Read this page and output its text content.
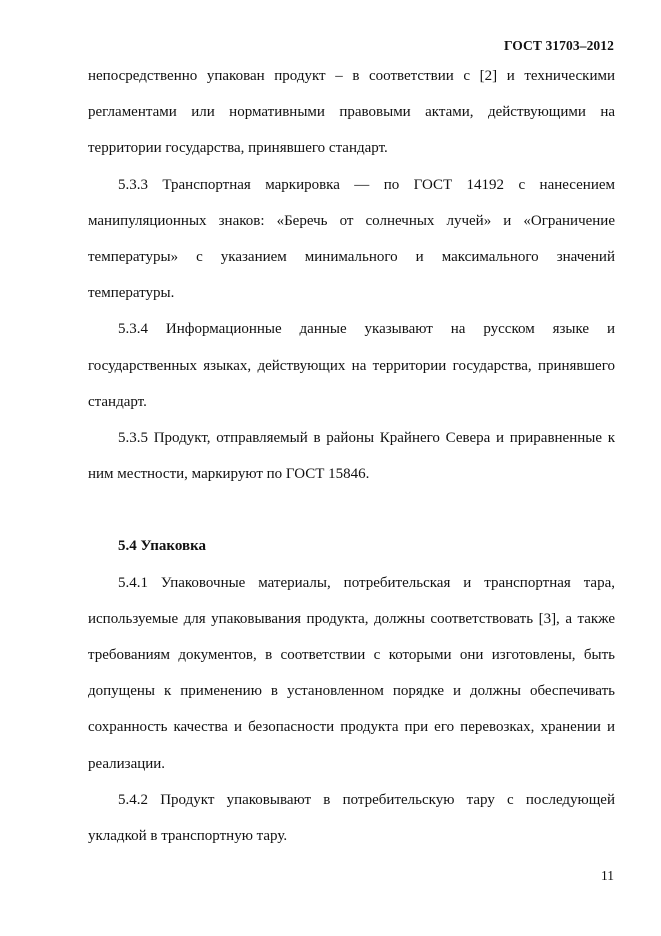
ГОСТ 31703–2012

непосредственно упакован продукт – в соответствии с [2] и техническими регламентами или нормативными правовыми актами, действующими на территории государства, принявшего стандарт.

5.3.3 Транспортная маркировка — по ГОСТ 14192 с нанесением манипуляционных знаков: «Беречь от солнечных лучей» и «Ограничение температуры» с указанием минимального и максимального значений температуры.

5.3.4 Информационные данные указывают на русском языке и государственных языках, действующих на территории государства, принявшего стандарт.

5.3.5 Продукт, отправляемый в районы Крайнего Севера и приравненные к ним местности, маркируют по ГОСТ 15846.

5.4 Упаковка

5.4.1 Упаковочные материалы, потребительская и транспортная тара, используемые для упаковывания продукта, должны соответствовать [3], а также требованиям документов, в соответствии с которыми они изготовлены, быть допущены к применению в установленном порядке и должны обеспечивать сохранность качества и безопасности продукта при его перевозках, хранении и реализации.

5.4.2 Продукт упаковывают в потребительскую тару с последующей укладкой в транспортную тару.

11
